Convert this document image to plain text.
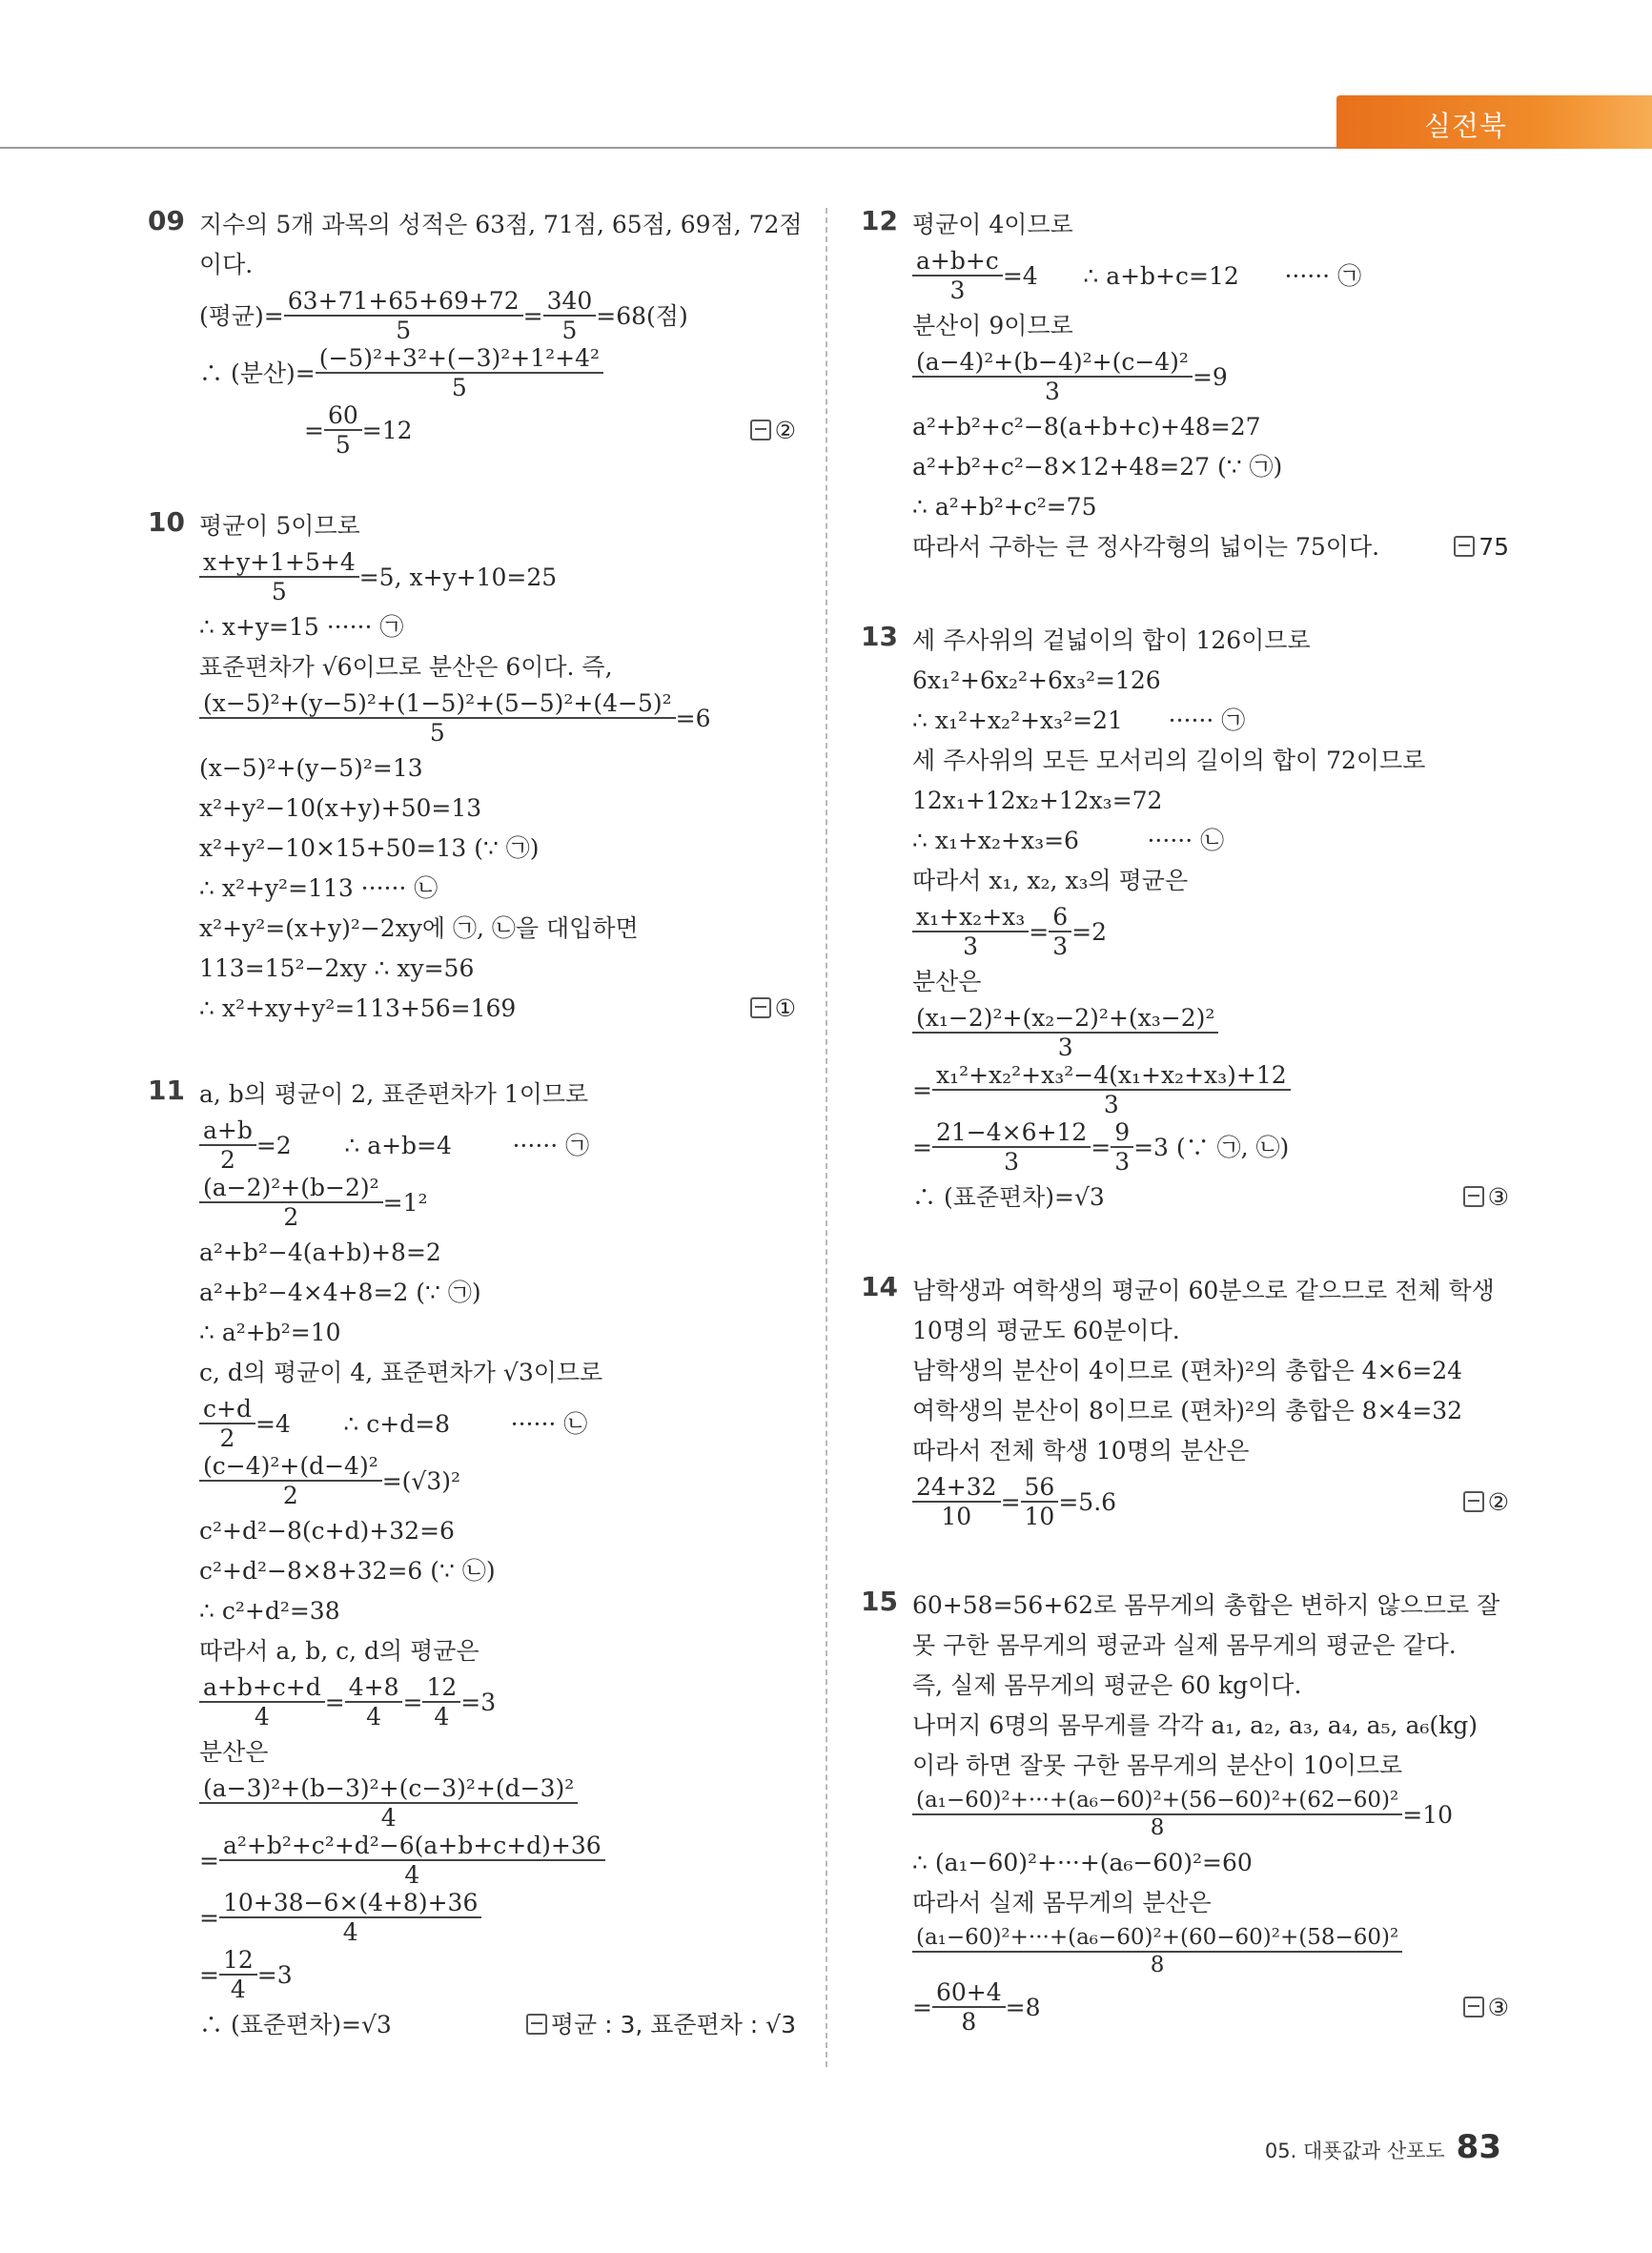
실전북
09 지수의 5개 과목의 성적은 63점, 71점, 65점, 69점, 72점
이다.
(평균)= $\frac{63+71+65+69+72}{5} = \frac{340}{5} =68$(점)
∴ (분산)= $\frac{\text{(−5)²+3²+(−3)²+1²+4²}}{5}$
= $\frac{60}{5} =12$	②
10 평균이 5이므로
$\frac{x+y+1+5+4}{5} =5$, x+y+10=25
∴ x+y=15 ······ ㉠
표준편차가 √6이므로 분산은 6이다. 즉,
$\frac{\text{(x−5)²+(y−5)²+(1−5)²+(5−5)²+(4−5)²}}{5} =6$
(x−5)²+(y−5)²=13
x²+y²−10(x+y)+50=13
x²+y²−10×15+50=13 (∵ ㉠)
∴ x²+y²=113 ······ ㉡
x²+y²=(x+y)²−2xy에 ㉠, ㉡을 대입하면
113=15²−2xy ∴ xy=56
∴ x²+xy+y²=113+56=169	①
11 a, b의 평균이 2, 표준편차가 1이므로
$\frac{a+b}{2} =2$       ∴ a+b=4        ······ ㉠
$\frac{\text{(a−2)²+(b−2)²}}{2} =1^2$
a²+b²−4(a+b)+8=2
a²+b²−4×4+8=2 (∵ ㉠)
∴ a²+b²=10
c, d의 평균이 4, 표준편차가 √3이므로
$\frac{c+d}{2} =4$       ∴ c+d=8        ······ ㉡
$\frac{\text{(c−4)²+(d−4)²}}{2} =(√3)^2$
c²+d²−8(c+d)+32=6
c²+d²−8×8+32=6 (∵ ㉡)
∴ c²+d²=38
따라서 a, b, c, d의 평균은
$\frac{a+b+c+d}{4} = \frac{4+8}{4} = \frac{12}{4} =3$
분산은
$\frac{\text{(a−3)²+(b−3)²+(c−3)²+(d−3)²}}{4}$
= $\frac{\text{a²+b²+c²+d²−6(a+b+c+d)+36}}{4}$
= $\frac{10+38-6\times(4+8)+36}{4}$
= $\frac{12}{4} =3$
∴ (표준편차)=√3	평균 : 3, 표준편차 : √3
12 평균이 4이므로
$\frac{a+b+c}{3} =4$      ∴ a+b+c=12      ······ ㉠
분산이 9이므로
$\frac{\text{(a−4)²+(b−4)²+(c−4)²}}{3} =9$
a²+b²+c²−8(a+b+c)+48=27
a²+b²+c²−8×12+48=27 (∵ ㉠)
∴ a²+b²+c²=75
따라서 구하는 큰 정사각형의 넓이는 75이다.	75
13 세 주사위의 겉넓이의 합이 126이므로
6x₁²+6x₂²+6x₃²=126
∴ x₁²+x₂²+x₃²=21      ······ ㉠
세 주사위의 모든 모서리의 길이의 합이 72이므로
12x₁+12x₂+12x₃=72
∴ x₁+x₂+x₃=6         ······ ㉡
따라서 x₁, x₂, x₃의 평균은
$\frac{\text{x₁+x₂+x₃}}{3} = \frac{6}{3} =2$
분산은
$\frac{\text{(x₁−2)²+(x₂−2)²+(x₃−2)²}}{3}$
= $\frac{\text{x₁²+x₂²+x₃²−4(x₁+x₂+x₃)+12}}{3}$
= $\frac{21-4\times 6+12}{3} = \frac{9}{3} =3$ (∵ ㉠, ㉡)
∴ (표준편차)=√3	③
14 남학생과 여학생의 평균이 60분으로 같으므로 전체 학생
10명의 평균도 60분이다.
남학생의 분산이 4이므로 (편차)²의 총합은 4×6=24
여학생의 분산이 8이므로 (편차)²의 총합은 8×4=32
따라서 전체 학생 10명의 분산은
$\frac{24+32}{10} = \frac{56}{10} =5.6$	②
15 60+58=56+62로 몸무게의 총합은 변하지 않으므로 잘
못 구한 몸무게의 평균과 실제 몸무게의 평균은 같다.
즉, 실제 몸무게의 평균은 60 kg이다.
나머지 6명의 몸무게를 각각 a₁, a₂, a₃, a₄, a₅, a₆(kg)
이라 하면 잘못 구한 몸무게의 분산이 10이므로
$\frac{\text{(a₁−60)²+···+(a₆−60)²+(56−60)²+(62−60)²}}{8} =10$
∴ (a₁−60)²+···+(a₆−60)²=60
따라서 실제 몸무게의 분산은
$\frac{\text{(a₁−60)²+···+(a₆−60)²+(60−60)²+(58−60)²}}{8}$
= $\frac{60+4}{8} =8$	③
05. 대푯값과 산포도 83
